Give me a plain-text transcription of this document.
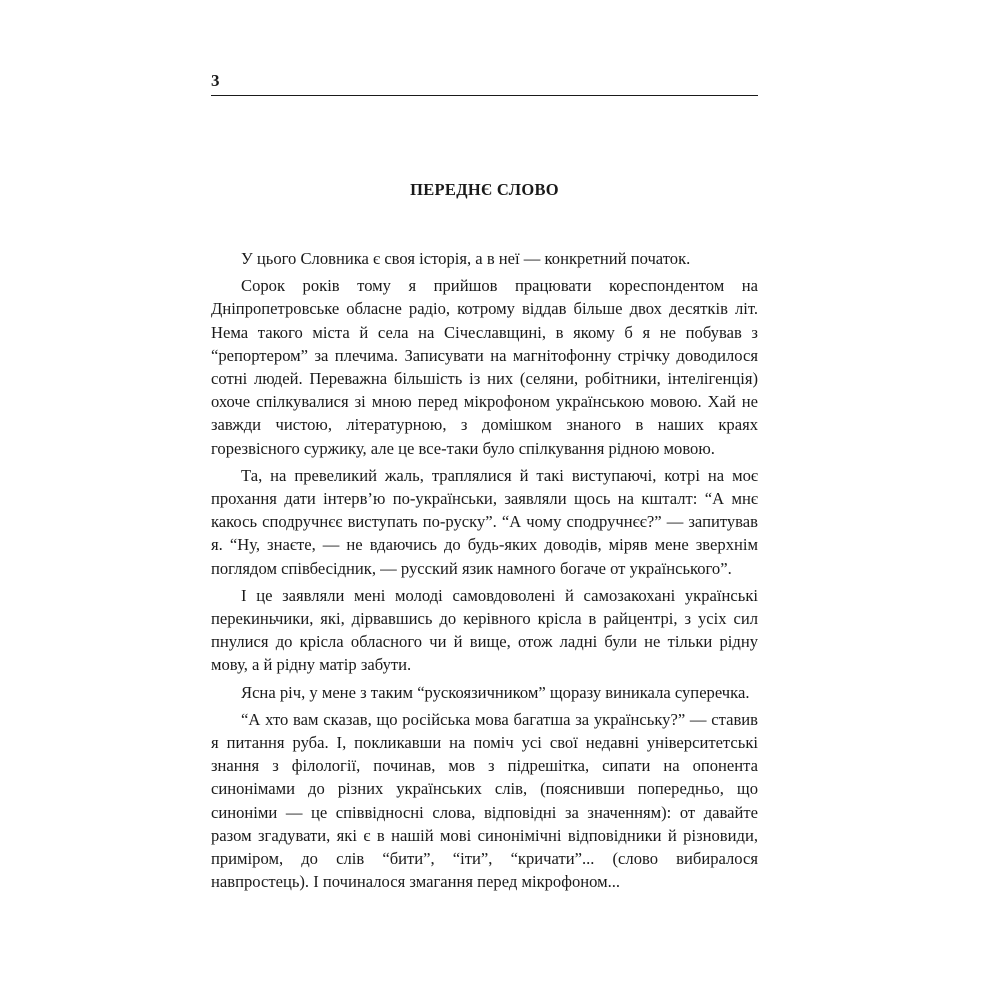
3
ПЕРЕДНЄ СЛОВО

У цього Словника є своя історія, а в неї — конкретний початок.

Сорок років тому я прийшов працювати кореспондентом на Дніпропетровське обласне радіо, котрому віддав більше двох десятків літ. Нема такого міста й села на Січеславщині, в якому б я не побував з “репортером” за плечима. Записувати на магнітофонну стрічку доводилося сотні людей. Переважна більшість із них (селяни, робітники, інтелігенція) охоче спілкувалися зі мною перед мікрофоном українською мовою. Хай не завжди чистою, літературною, з домішком знаного в наших краях горезвісного суржику, але це все-таки було спілкування рідною мовою.

Та, на превеликий жаль, траплялися й такі виступаючі, котрі на моє прохання дати інтерв’ю по-українськи, заявляли щось на кшталт: “А мнє какось сподручнєє виступать по-руску”. “А чому сподручнєє?” — запитував я. “Ну, знаєте, — не вдаючись до будь-яких доводів, міряв мене зверхнім поглядом співбесідник, — русский язик намного богаче от українського”.

І це заявляли мені молоді самовдоволені й самозакохані українські перекиньчики, які, дірвавшись до керівного крісла в райцентрі, з усіх сил пнулися до крісла обласного чи й вище, отож ладні були не тільки рідну мову, а й рідну матір забути.

Ясна річ, у мене з таким “рускоязичником” щоразу виникала суперечка.

“А хто вам сказав, що російська мова багатша за українську?” — ставив я питання руба. І, покликавши на поміч усі свої недавні університетські знання з філології, починав, мов з підрешітка, сипати на опонента синонімами до різних українських слів, (пояснивши попередньо, що синоніми — це співвідносні слова, відповідні за значенням): от давайте разом згадувати, які є в нашій мові синонімічні відповідники й різновиди, приміром, до слів “бити”, “іти”, “кричати”... (слово вибиралося навпростець). І починалося змагання перед мікрофоном...
